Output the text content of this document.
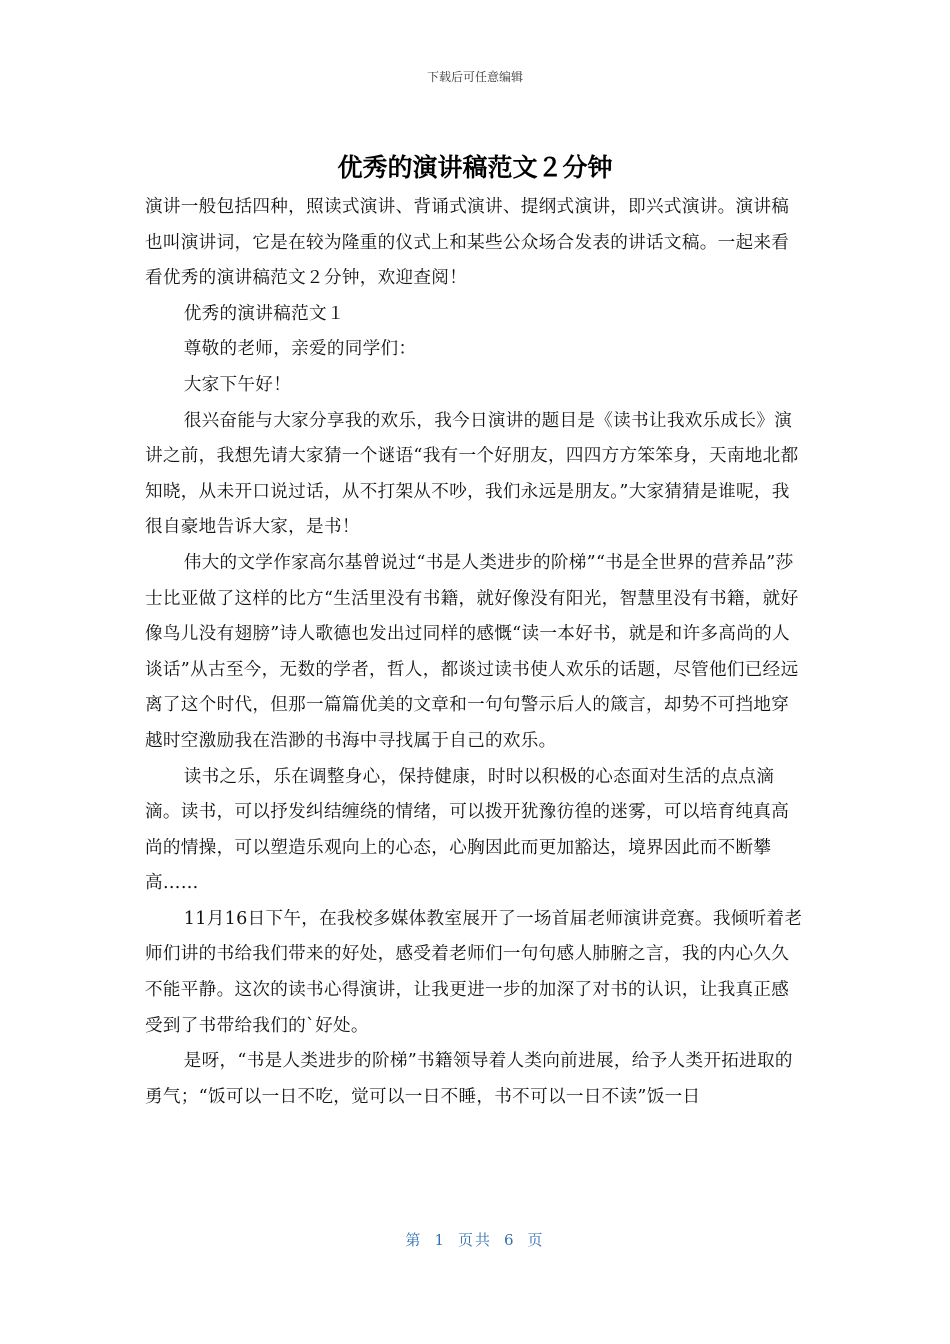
下载后可任意编辑
优秀的演讲稿范文２分钟

演讲一般包括四种，照读式演讲、背诵式演讲、提纲式演讲，即兴式演讲。演讲稿也叫演讲词，它是在较为隆重的仪式上和某些公众场合发表的讲话文稿。一起来看看优秀的演讲稿范文２分钟，欢迎查阅！

优秀的演讲稿范文１

尊敬的老师，亲爱的同学们：

大家下午好！

很兴奋能与大家分享我的欢乐，我今日演讲的题目是《读书让我欢乐成长》演讲之前，我想先请大家猜一个谜语“我有一个好朋友，四四方方笨笨身，天南地北都知晓，从未开口说过话，从不打架从不吵，我们永远是朋友。”大家猜猜是谁呢，我很自豪地告诉大家，是书！

伟大的文学作家高尔基曾说过“书是人类进步的阶梯”“书是全世界的营养品”莎士比亚做了这样的比方“生活里没有书籍，就好像没有阳光，智慧里没有书籍，就好像鸟儿没有翅膀”诗人歌德也发出过同样的感慨“读一本好书，就是和许多高尚的人谈话”从古至今，无数的学者，哲人，都谈过读书使人欢乐的话题，尽管他们已经远离了这个时代，但那一篇篇优美的文章和一句句警示后人的箴言，却势不可挡地穿越时空激励我在浩渺的书海中寻找属于自己的欢乐。

读书之乐，乐在调整身心，保持健康，时时以积极的心态面对生活的点点滴滴。读书，可以抒发纠结缠绕的情绪，可以拨开犹豫彷徨的迷雾，可以培育纯真高尚的情操，可以塑造乐观向上的心态，心胸因此而更加豁达，境界因此而不断攀高……

11月16日下午，在我校多媒体教室展开了一场首届老师演讲竞赛。我倾听着老师们讲的书给我们带来的好处，感受着老师们一句句感人肺腑之言，我的内心久久不能平静。这次的读书心得演讲，让我更进一步的加深了对书的认识，让我真正感受到了书带给我们的`好处。

是呀，“书是人类进步的阶梯”书籍领导着人类向前进展，给予人类开拓进取的勇气；“饭可以一日不吃，觉可以一日不睡，书不可以一日不读”饭一日

第 1 页共 6 页
